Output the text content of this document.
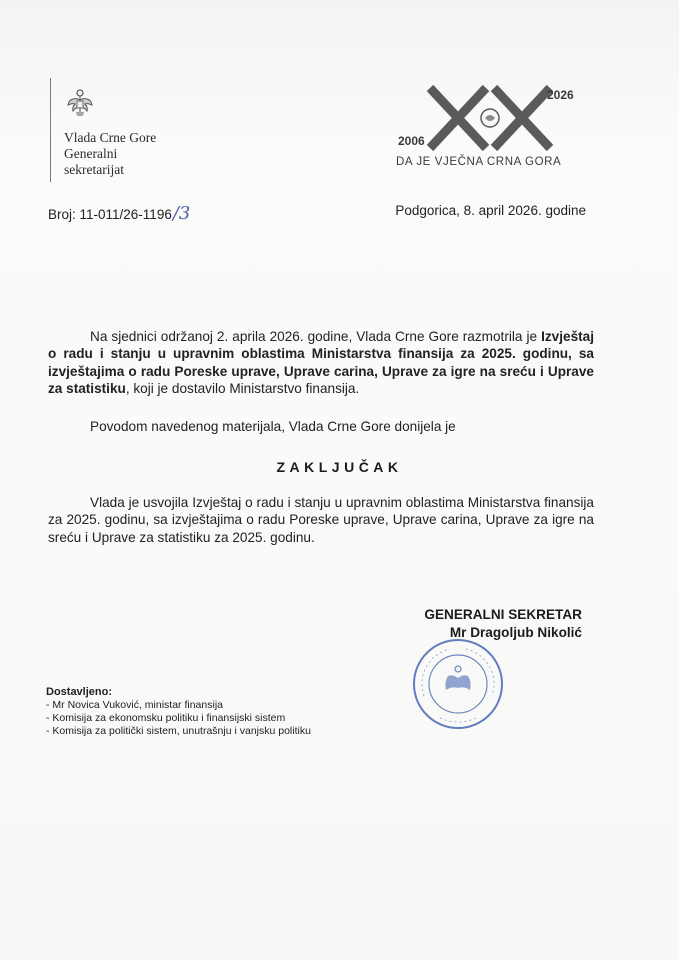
Vlada Crne Gore
Generalni
sekretarijat
2006
2026
DA JE VJEČNA CRNA GORA
Broj: 11-011/26-1196/3	Podgorica, 8. april 2026. godine
Na sjednici održanoj 2. aprila 2026. godine, Vlada Crne Gore razmotrila je Izvještaj o radu i stanju u upravnim oblastima Ministarstva finansija za 2025. godinu, sa izvještajima o radu Poreske uprave, Uprave carina, Uprave za igre na sreću i Uprave za statistiku, koji je dostavilo Ministarstvo finansija.
Povodom navedenog materijala, Vlada Crne Gore donijela je
ZAKLJUČAK
Vlada je usvojila Izvještaj o radu i stanju u upravnim oblastima Ministarstva finansija za 2025. godinu, sa izvještajima o radu Poreske uprave, Uprave carina, Uprave za igre na sreću i Uprave za statistiku za 2025. godinu.
GENERALNI SEKRETAR
Mr Dragoljub Nikolić
Dostavljeno:
- Mr Novica Vuković, ministar finansija
- Komisija za ekonomsku politiku i finansijski sistem
- Komisija za politički sistem, unutrašnju i vanjsku politiku
